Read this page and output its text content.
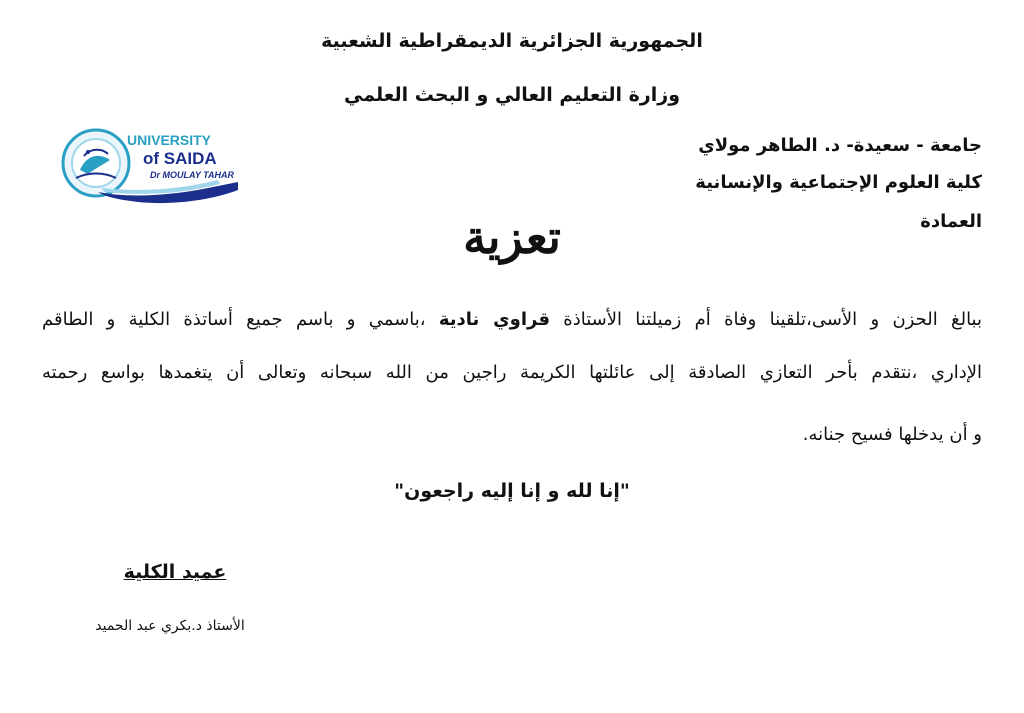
الجمهورية الجزائرية الديمقراطية الشعبية
وزارة التعليم العالي و البحث العلمي
جامعة - سعيدة- د. الطاهر مولاي
كلية العلوم الإجتماعية والإنسانية
العمادة
UNIVERSITY
of SAIDA
Dr MOULAY TAHAR
تعزية
ببالغ الحزن و الأسى،تلقينا وفاة أم زميلتنا الأستاذة قراوي نادية ،باسمي و باسم جميع أساتذة الكلية و الطاقم
الإداري ،نتقدم بأحر التعازي الصادقة إلى عائلتها الكريمة راجين من الله سبحانه وتعالى أن يتغمدها بواسع رحمته
و أن يدخلها فسيح جنانه.
"إنا لله و إنا إليه راجعون"
عميد الكلية
الأستاذ د.بكري عبد الحميد
